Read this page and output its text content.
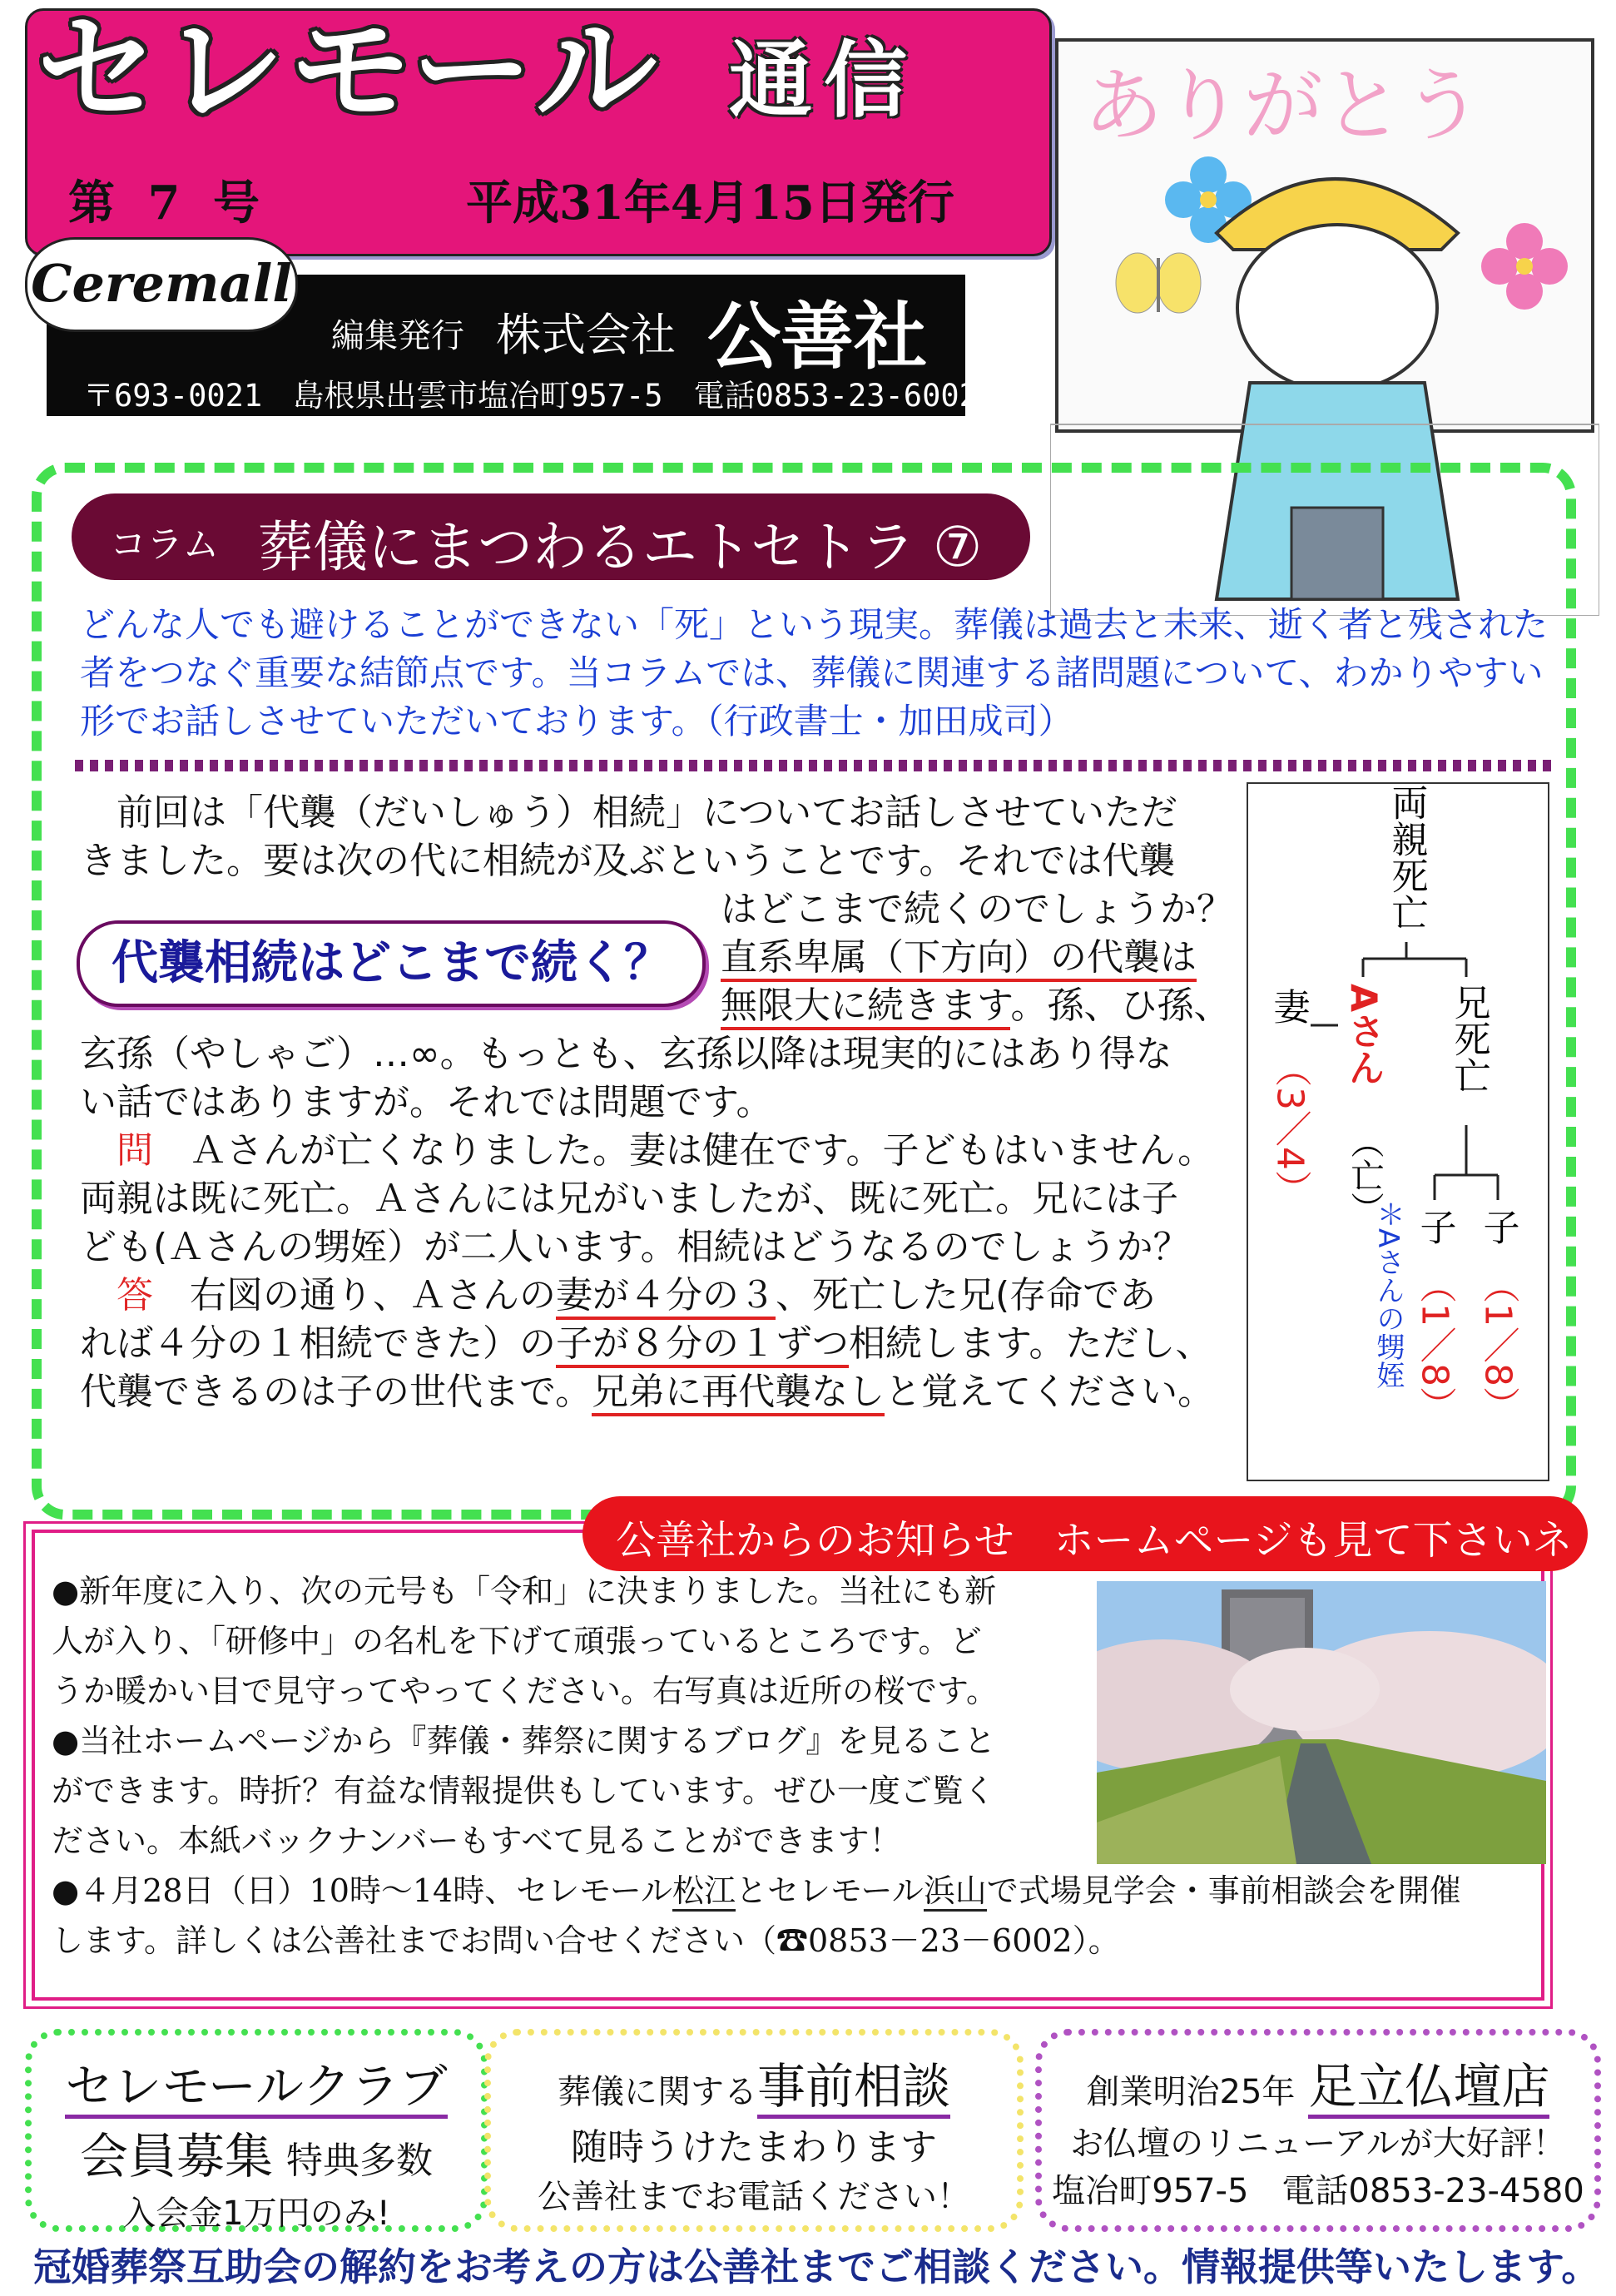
セレモール 通信
第 7 号	平成31年4月15日発行
Ceremall
編集発行 株式会社 公善社
〒693-0021　島根県出雲市塩冶町957-5　電話0853-23-6002
ありがとう
コラム 葬儀にまつわるエトセトラ ⑦

どんな人でも避けることができない「死」という現実。葬儀は過去と未来、逝く者と残された

者をつなぐ重要な結節点です。当コラムでは、葬儀に関連する諸問題について、わかりやすい

形でお話しさせていただいております。（行政書士・加田成司）

　前回は「代襲（だいしゅう）相続」についてお話しさせていただ

きました。要は次の代に相続が及ぶということです。それでは代襲

はどこまで続くのでしょうか？

直系卑属（下方向）の代襲は

無限大に続きます。孫、ひ孫、

玄孫（やしゃご）…∞。もっとも、玄孫以降は現実的にはあり得な

い話ではありますが。それでは問題です。

　問　Ａさんが亡くなりました。妻は健在です。子どもはいません。

両親は既に死亡。Ａさんには兄がいましたが、既に死亡。兄には子

ども(Ａさんの甥姪）が二人います。相続はどうなるのでしょうか？

　答　右図の通り、Ａさんの妻が４分の３、死亡した兄(存命であ

れば４分の１相続できた）の子が８分の１ずつ相続します。ただし、

代襲できるのは子の世代まで。兄弟に再代襲なしと覚えてください。

代襲相続はどこまで続く？
両親死亡
妻
（3／4）
Aさん
（亡）
兄死亡
子 子
（1／8） （1／8）
＊Aさんの甥姪
公善社からのお知らせ　ホームページも見て下さいネ

●新年度に入り、次の元号も「令和」に決まりました。当社にも新

人が入り、「研修中」の名札を下げて頑張っているところです。ど

うか暖かい目で見守ってやってください。右写真は近所の桜です。

●当社ホームページから『葬儀・葬祭に関するブログ』を見ること

ができます。時折？有益な情報提供もしています。ぜひ一度ご覧く

ださい。本紙バックナンバーもすべて見ることができます！

●４月28日（日）10時～14時、セレモール松江とセレモール浜山で式場見学会・事前相談会を開催

します。詳しくは公善社までお問い合せください（☎0853－23－6002）。

セレモールクラブ
会員募集　 特典多数
入会金1万円のみ!
葬儀に関する事前相談
随時うけたまわります
公善社までお電話ください！
創業明治25年　 足立仏壇店
お仏壇のリニューアルが大好評！
塩冶町957-5　電話0853-23-4580
冠婚葬祭互助会の解約をお考えの方は公善社までご相談ください。情報提供等いたします。
